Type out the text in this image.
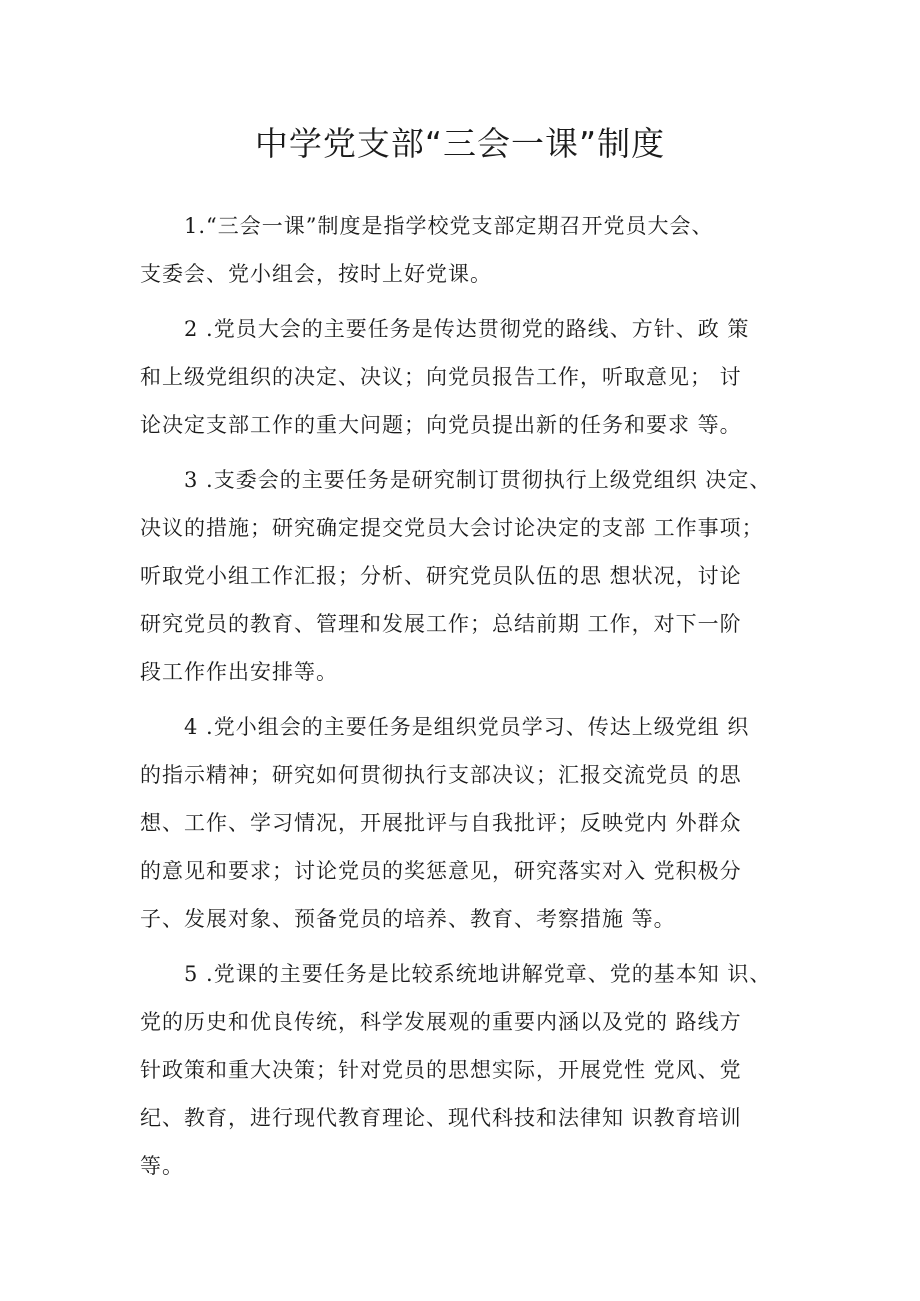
中学党支部“三会一课”制度

1.“三会一课”制度是指学校党支部定期召开党员大会、
支委会、党小组会，按时上好党课。

2 .党员大会的主要任务是传达贯彻党的路线、方针、政 策
和上级党组织的决定、决议；向党员报告工作，听取意见； 讨
论决定支部工作的重大问题；向党员提出新的任务和要求 等。

3 .支委会的主要任务是研究制订贯彻执行上级党组织 决定、
决议的措施；研究确定提交党员大会讨论决定的支部 工作事项；
听取党小组工作汇报；分析、研究党员队伍的思 想状况，讨论
研究党员的教育、管理和发展工作；总结前期 工作，对下一阶
段工作作出安排等。

4 .党小组会的主要任务是组织党员学习、传达上级党组 织
的指示精神；研究如何贯彻执行支部决议；汇报交流党员 的思
想、工作、学习情况，开展批评与自我批评；反映党内 外群众
的意见和要求；讨论党员的奖惩意见，研究落实对入 党积极分
子、发展对象、预备党员的培养、教育、考察措施 等。

5 .党课的主要任务是比较系统地讲解党章、党的基本知 识、
党的历史和优良传统，科学发展观的重要内涵以及党的 路线方
针政策和重大决策；针对党员的思想实际，开展党性 党风、党
纪、教育，进行现代教育理论、现代科技和法律知 识教育培训
等。
